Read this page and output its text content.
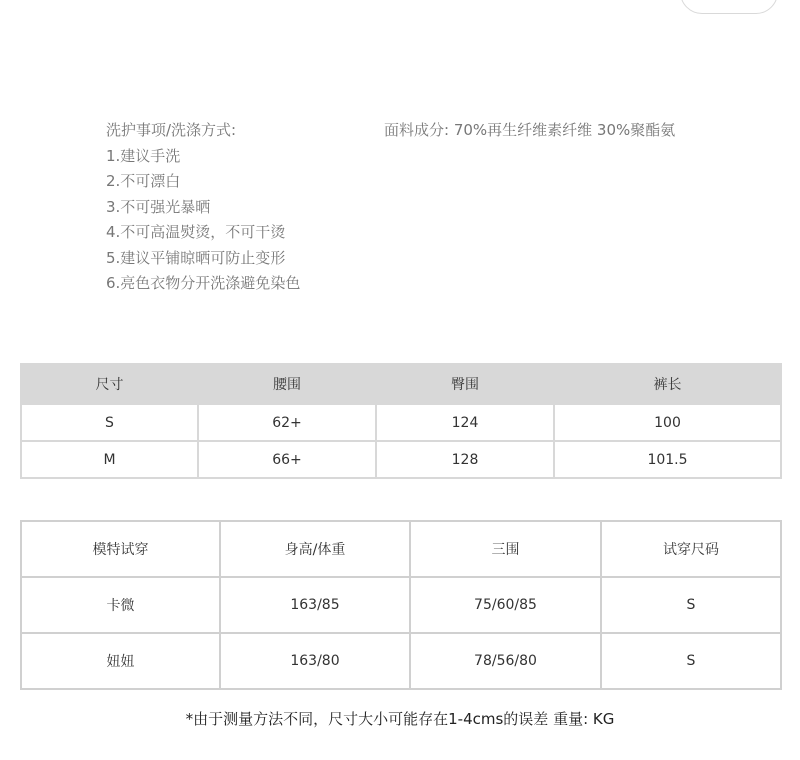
洗护事项/洗涤方式:
1.建议手洗
2.不可漂白
3.不可强光暴晒
4.不可高温熨烫，不可干烫
5.建议平铺晾晒可防止变形
6.亮色衣物分开洗涤避免染色
面料成分: 70%再生纤维素纤维 30%聚酯氨
尺寸	腰围	臀围	裤长
S	62+	124	100
M	66+	128	101.5
模特试穿	身高/体重	三围	试穿尺码
卡微	163/85	75/60/85	S
妞妞	163/80	78/56/80	S
*由于测量方法不同，尺寸大小可能存在1-4cms的误差 重量: KG
